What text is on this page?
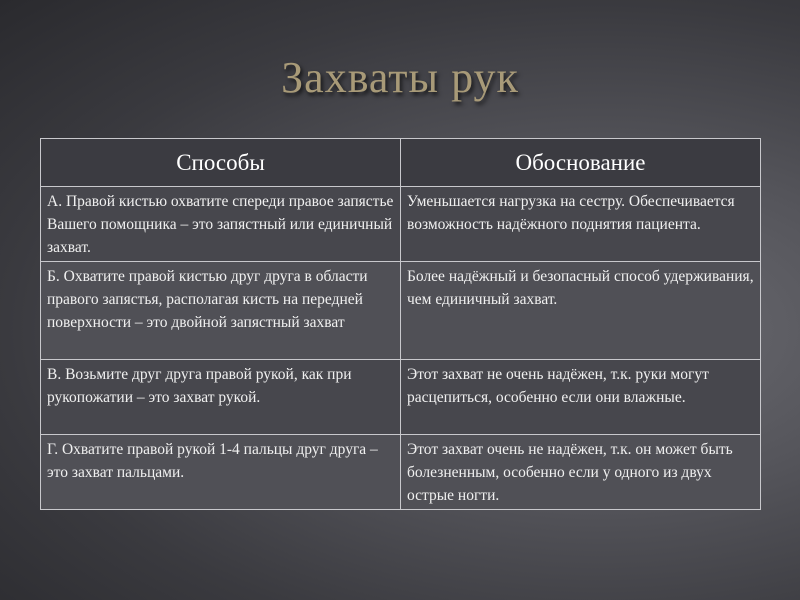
Захваты рук
Способы	Обоснование
А. Правой кистью охватите спереди правое запястье Вашего помощника – это запястный или единичный захват.	Уменьшается нагрузка на сестру. Обеспечивается возможность надёжного поднятия пациента.
Б. Охватите правой кистью друг друга в области правого запястья, располагая кисть на передней поверхности – это двойной запястный захват	Более надёжный и безопасный способ удерживания, чем единичный захват.
В. Возьмите друг друга правой рукой, как при рукопожатии – это захват рукой.	Этот захват не очень надёжен, т.к. руки могут расцепиться, особенно если они влажные.
Г. Охватите правой рукой 1-4 пальцы друг друга – это захват пальцами.	Этот захват очень не надёжен, т.к. он может быть болезненным, особенно если у одного из двух острые ногти.
